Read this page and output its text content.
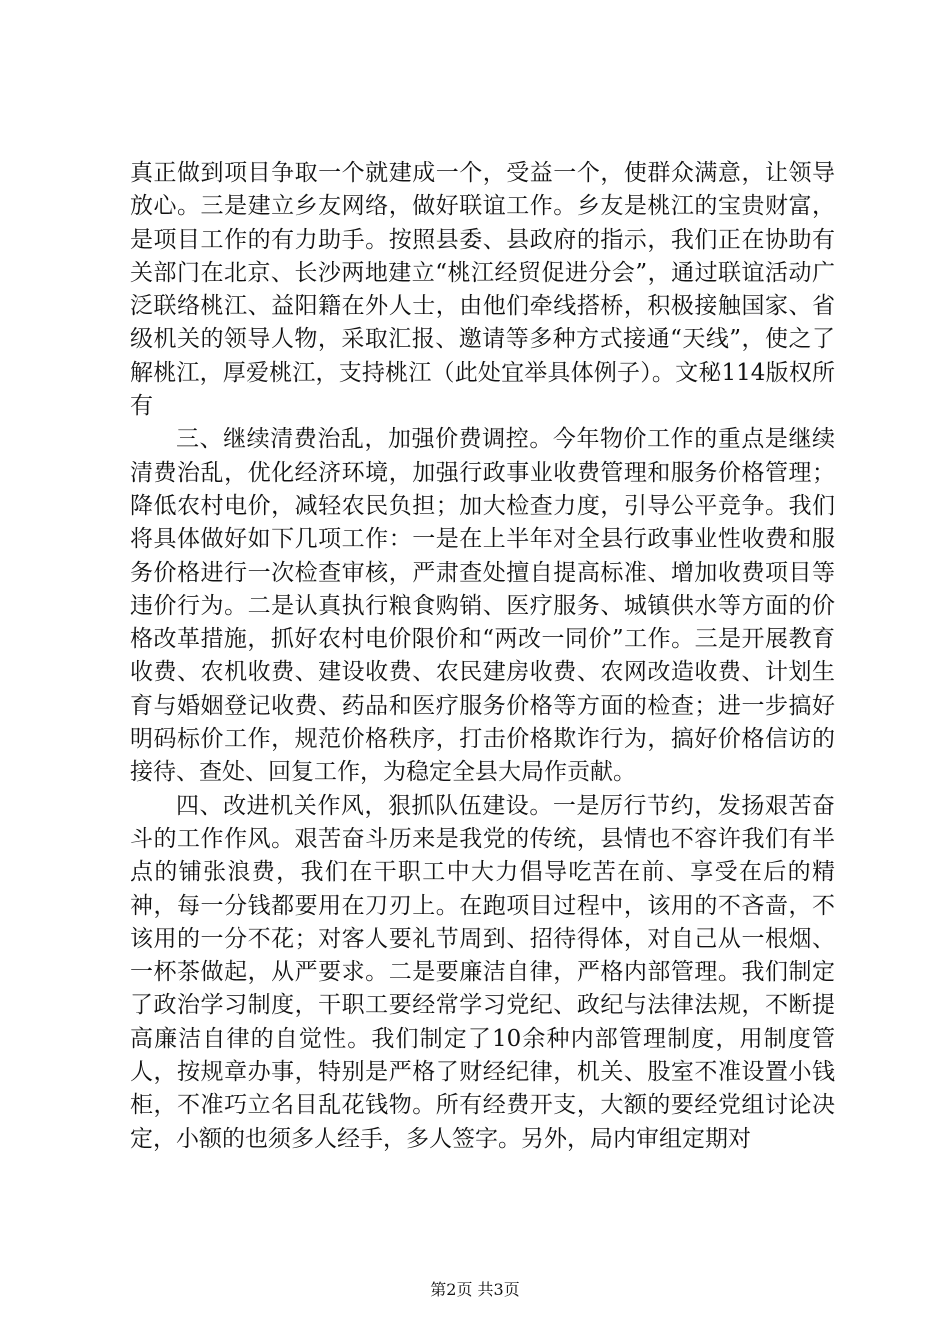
真正做到项目争取一个就建成一个，受益一个，使群众满意，让领导放心。三是建立乡友网络，做好联谊工作。乡友是桃江的宝贵财富，是项目工作的有力助手。按照县委、县政府的指示，我们正在协助有关部门在北京、长沙两地建立“桃江经贸促进分会”，通过联谊活动广泛联络桃江、益阳籍在外人士，由他们牵线搭桥，积极接触国家、省级机关的领导人物，采取汇报、邀请等多种方式接通“天线”，使之了解桃江，厚爱桃江，支持桃江（此处宜举具体例子）。文秘114版权所有

三、继续清费治乱，加强价费调控。今年物价工作的重点是继续清费治乱，优化经济环境，加强行政事业收费管理和服务价格管理；降低农村电价，减轻农民负担；加大检查力度，引导公平竞争。我们将具体做好如下几项工作：一是在上半年对全县行政事业性收费和服务价格进行一次检查审核，严肃查处擅自提高标准、增加收费项目等违价行为。二是认真执行粮食购销、医疗服务、城镇供水等方面的价格改革措施，抓好农村电价限价和“两改一同价”工作。三是开展教育收费、农机收费、建设收费、农民建房收费、农网改造收费、计划生育与婚姻登记收费、药品和医疗服务价格等方面的检查；进一步搞好明码标价工作，规范价格秩序，打击价格欺诈行为，搞好价格信访的接待、查处、回复工作，为稳定全县大局作贡献。

四、改进机关作风，狠抓队伍建设。一是厉行节约，发扬艰苦奋斗的工作作风。艰苦奋斗历来是我党的传统，县情也不容许我们有半点的铺张浪费，我们在干职工中大力倡导吃苦在前、享受在后的精神，每一分钱都要用在刀刃上。在跑项目过程中，该用的不吝啬，不该用的一分不花；对客人要礼节周到、招待得体，对自己从一根烟、一杯茶做起，从严要求。二是要廉洁自律，严格内部管理。我们制定了政治学习制度，干职工要经常学习党纪、政纪与法律法规，不断提高廉洁自律的自觉性。我们制定了10余种内部管理制度，用制度管人，按规章办事，特别是严格了财经纪律，机关、股室不准设置小钱柜，不准巧立名目乱花钱物。所有经费开支，大额的要经党组讨论决定，小额的也须多人经手，多人签字。另外，局内审组定期对

第2页 共3页
